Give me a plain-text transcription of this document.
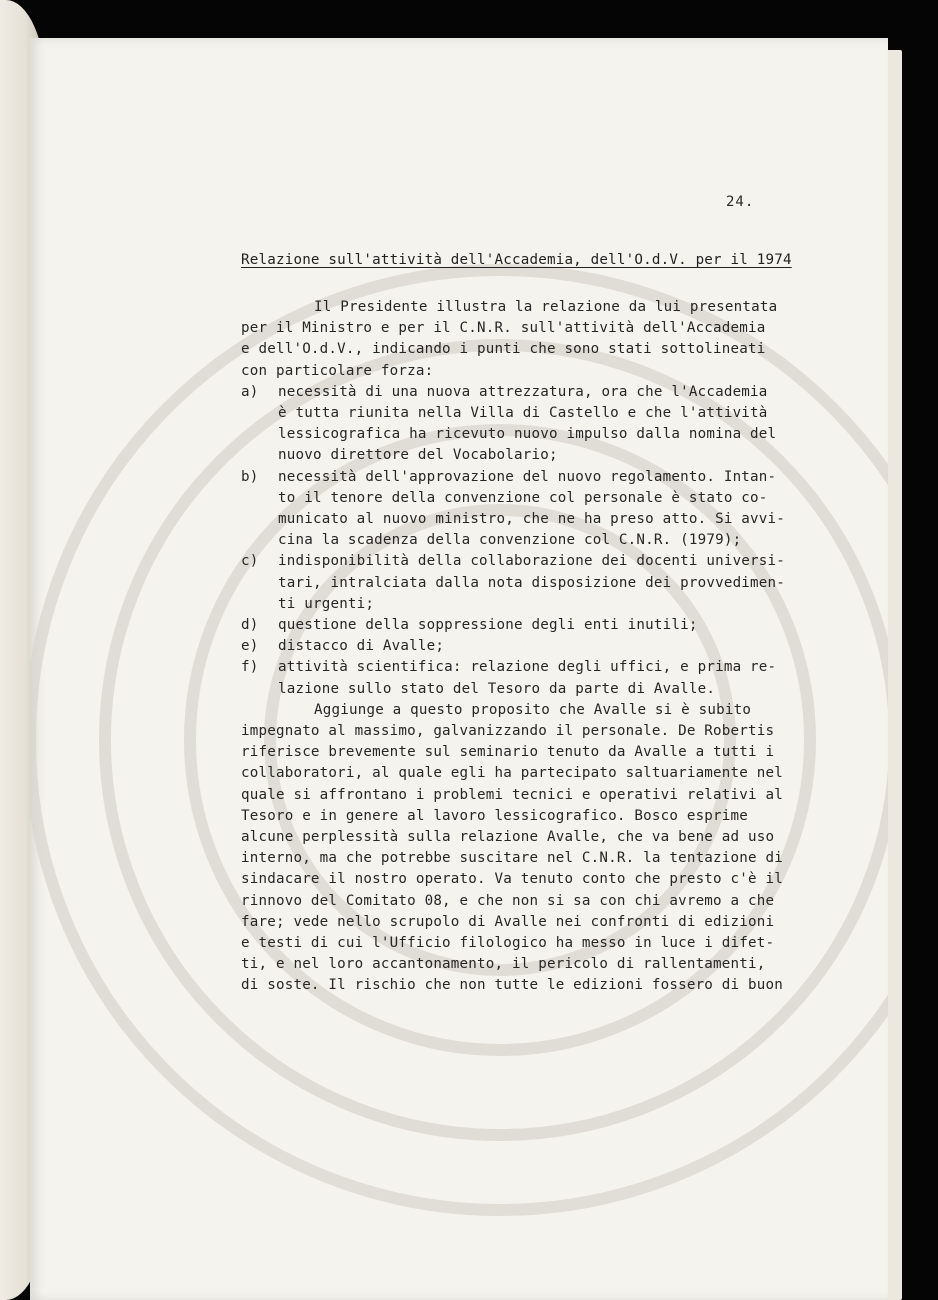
24.
Relazione sull'attività dell'Accademia, dell'O.d.V. per il 1974
Il Presidente illustra la relazione da lui presentata
per il Ministro e per il C.N.R. sull'attività dell'Accademia
e dell'O.d.V., indicando i punti che sono stati sottolineati
con particolare forza:
a) necessità di una nuova attrezzatura, ora che l'Accademia
è tutta riunita nella Villa di Castello e che l'attività
lessicografica ha ricevuto nuovo impulso dalla nomina del
nuovo direttore del Vocabolario;
b) necessità dell'approvazione del nuovo regolamento. Intan-
to il tenore della convenzione col personale è stato co-
municato al nuovo ministro, che ne ha preso atto. Si avvi-
cina la scadenza della convenzione col C.N.R. (1979);
c) indisponibilità della collaborazione dei docenti universi-
tari, intralciata dalla nota disposizione dei provvedimen-
ti urgenti;
d) questione della soppressione degli enti inutili;
e) distacco di Avalle;
f) attività scientifica: relazione degli uffici, e prima re-
lazione sullo stato del Tesoro da parte di Avalle.
Aggiunge a questo proposito che Avalle si è subito
impegnato al massimo, galvanizzando il personale. De Robertis
riferisce brevemente sul seminario tenuto da Avalle a tutti i
collaboratori, al quale egli ha partecipato saltuariamente nel
quale si affrontano i problemi tecnici e operativi relativi al
Tesoro e in genere al lavoro lessicografico. Bosco esprime
alcune perplessità sulla relazione Avalle, che va bene ad uso
interno, ma che potrebbe suscitare nel C.N.R. la tentazione di
sindacare il nostro operato. Va tenuto conto che presto c'è il
rinnovo del Comitato 08, e che non si sa con chi avremo a che
fare; vede nello scrupolo di Avalle nei confronti di edizioni
e testi di cui l'Ufficio filologico ha messo in luce i difet-
ti, e nel loro accantonamento, il pericolo di rallentamenti,
di soste. Il rischio che non tutte le edizioni fossero di buon
